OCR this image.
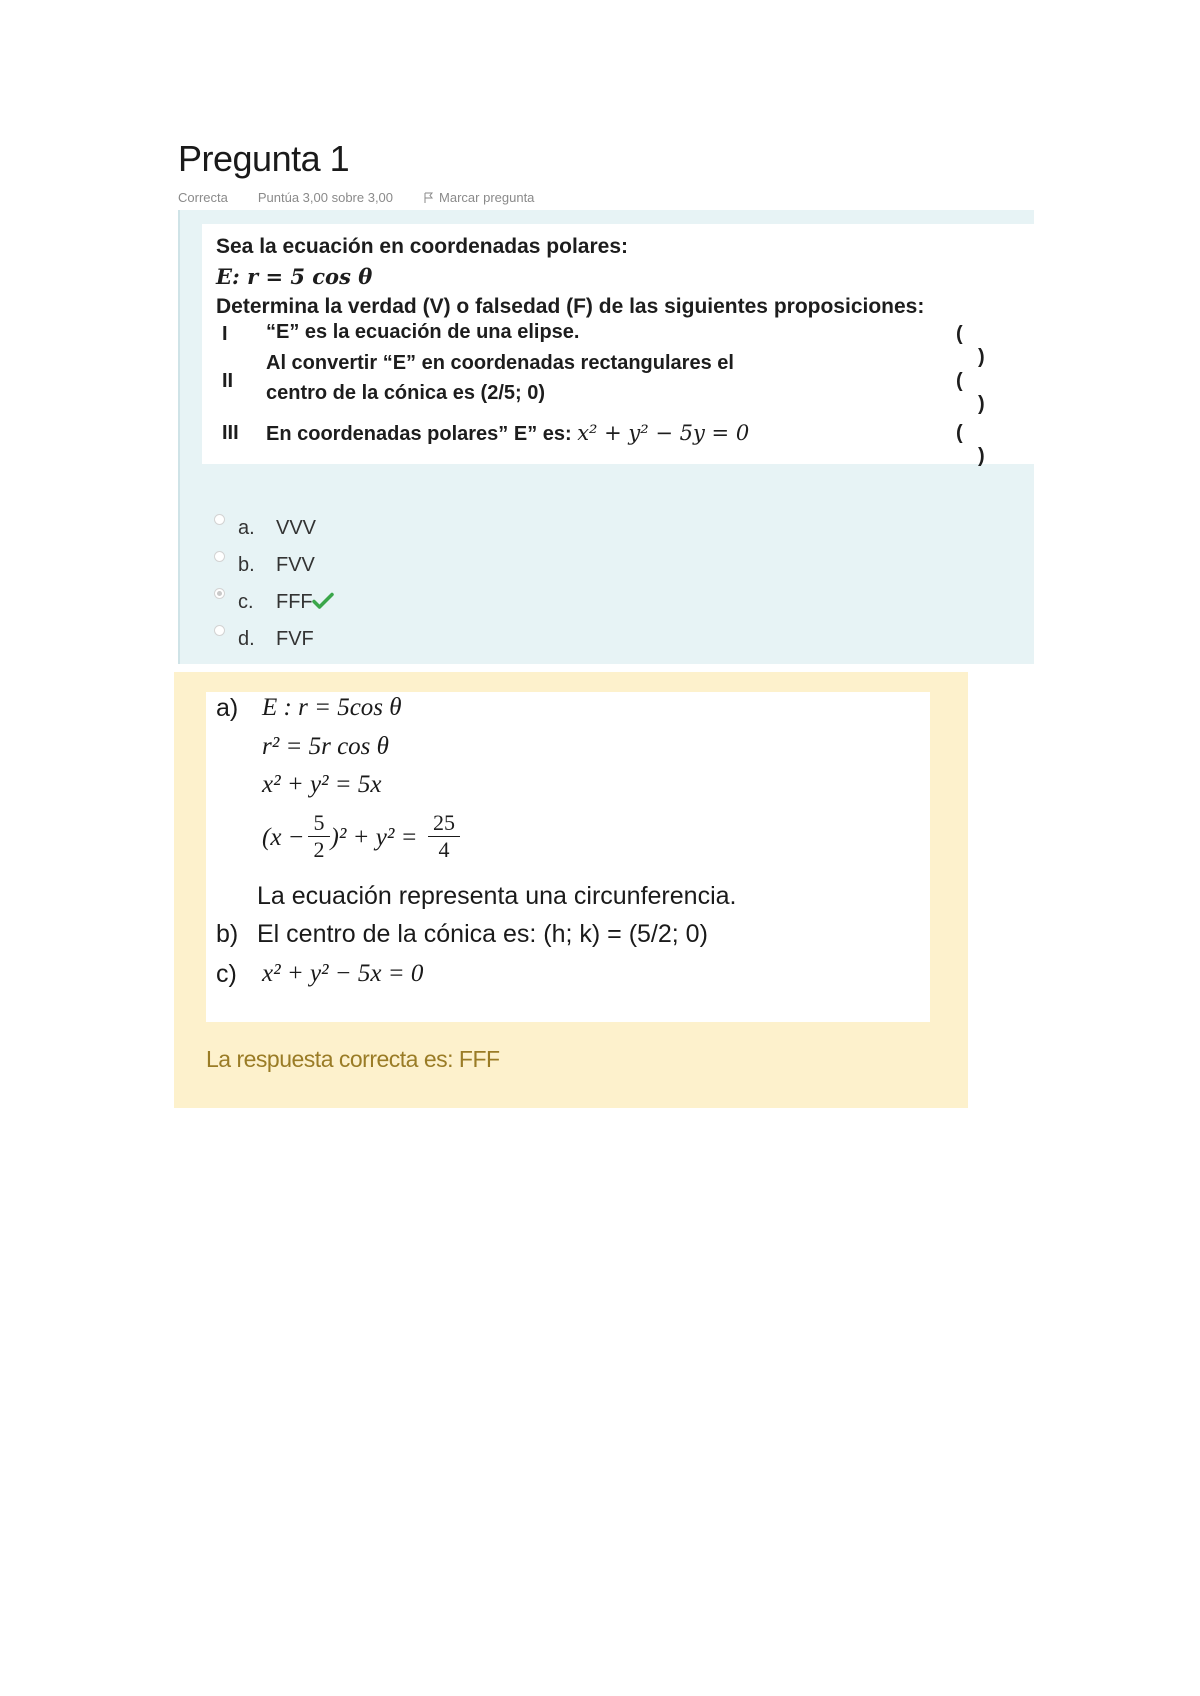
Pregunta 1
Correcta Puntúa 3,00 sobre 3,00	Marcar pregunta
Sea la ecuación en coordenadas polares:
E: r = 5 cos θ
Determina la verdad (V) o falsedad (F) de las siguientes proposiciones:
I “E” es la ecuación de una elipse.	()
II
Al convertir “E” en coordenadas rectangulares el
centro de la cónica es (2/5; 0)
()
III En coordenadas polares” E” es: x² + y² − 5y = 0	()
a. VVV
b. FVV
c. FFF
d. FVF
a) E : r = 5cos θ
r² = 5r cos θ
x² + y² = 5x
(x − )² + y² =
$\frac{5}{2}$	$\frac{25}{4}$
La ecuación representa una circunferencia.
b) El centro de la cónica es: (h; k) = (5/2; 0)
c) x² + y² − 5x = 0
La respuesta correcta es: FFF
